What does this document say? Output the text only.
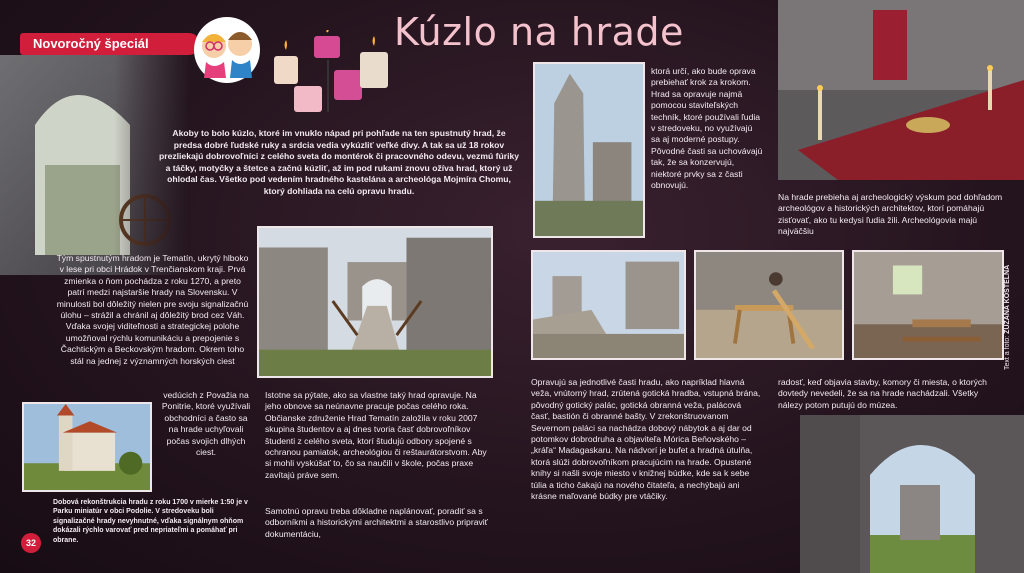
Novoročný špeciál	Kúzlo na hrade
Akoby to bolo kúzlo, ktoré im vnuklo nápad pri pohľade na ten spustnutý hrad, že predsa dobré ľudské ruky a srdcia vedia vykúzliť veľké divy. A tak sa už 18 rokov prezliekajú dobrovoľníci z celého sveta do montérok či pracovného odevu, vezmú fúriky a táčky, motyčky a štetce a začnú kúzliť, až im pod rukami znovu ožíva hrad, ktorý už ohlodal čas. Všetko pod vedením hradného kastelána a archeológa Mojmíra Chomu, ktorý dohliada na celú opravu hradu.
Tým spustnutým hradom je Tematín, ukrytý hlboko v lese pri obci Hrádok v Trenčianskom kraji. Prvá zmienka o ňom pochádza z roku 1270, a preto patrí medzi najstaršie hrady na Slovensku. V minulosti bol dôležitý nielen pre svoju signalizačnú úlohu – strážil a chránil aj dôležitý brod cez Váh. Vďaka svojej viditeľnosti a strategickej polohe umožňoval rýchlu komunikáciu a prepojenie s Čachtickým a Beckovským hradom. Okrem toho stál na jednej z významných horských ciest
vedúcich z Považia na Ponitrie, ktoré využívali obchodníci a často sa na hrade uchyľovali počas svojich dlhých ciest.
Dobová rekonštrukcia hradu z roku 1700 v mierke 1:50 je v Parku miniatúr v obci Podolie. V stredoveku boli signalizačné hrady nevyhnutné, vďaka signálnym ohňom dokázali rýchlo varovať pred nepriateľmi a pomáhať pri obrane.
Istotne sa pýtate, ako sa vlastne taký hrad opravuje. Na jeho obnove sa neúnavne pracuje počas celého roka. Občianske združenie Hrad Tematín založila v roku 2007 skupina študentov a aj dnes tvoria časť dobrovoľníkov študenti z celého sveta, ktorí študujú odbory spojené s ochranou pamiatok, archeológiou či reštaurátorstvom. Aby si mohli vyskúšať to, čo sa naučili v škole, počas praxe zavítajú práve sem.
Samotnú opravu treba dôkladne naplánovať, poradiť sa s odborníkmi a historickými architektmi a starostlivo pripraviť dokumentáciu,
ktorá určí, ako bude oprava prebiehať krok za krokom. Hrad sa opravuje najmä pomocou staviteľských techník, ktoré používali ľudia v stredoveku, no využívajú sa aj moderné postupy. Pôvodné časti sa uchovávajú tak, že sa konzervujú, niektoré prvky sa z časti obnovujú.
Opravujú sa jednotlivé časti hradu, ako napríklad hlavná veža, vnútorný hrad, zrútená gotická hradba, vstupná brána, pôvodný gotický palác, gotická obranná veža, palácová časť, bastión či obranné bašty. V zrekonštruovanom Severnom paláci sa nachádza dobový nábytok a aj dar od potomkov dobrodruha a objaviteľa Mórica Beňovského – „kráľa“ Madagaskaru. Na nádvorí je bufet a hradná útulňa, ktorá slúži dobrovoľníkom pracujúcim na hrade. Opustené knihy si našli svoje miesto v knižnej búdke, kde sa k sebe túlia a ticho čakajú na nového čitateľa, a nechýbajú ani krásne maľované búdky pre vtáčiky.
Na hrade prebieha aj archeologický výskum pod dohľadom archeológov a historických architektov, ktorí pomáhajú zisťovať, ako tu kedysi ľudia žili. Archeológovia majú najväčšiu
radosť, keď objavia stavby, komory či miesta, o ktorých dovtedy nevedeli, že sa na hrade nachádzali. Všetky nálezy potom putujú do múzea.
32
Text a foto: ZUZANA KOSTELNÁ
